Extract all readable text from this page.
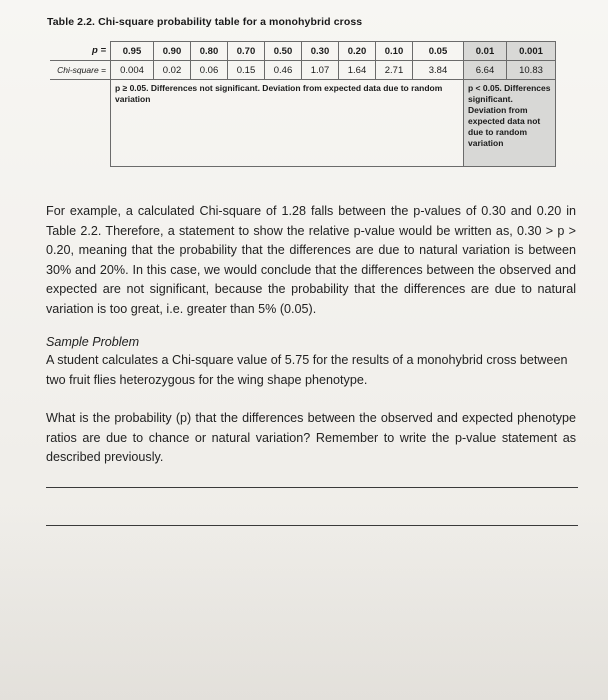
Table 2.2. Chi-square probability table for a monohybrid cross
p =	0.95	0.90	0.80	0.70	0.50	0.30	0.20	0.10	0.05	0.01	0.001
Chi-square =	0.004	0.02	0.06	0.15	0.46	1.07	1.64	2.71	3.84	6.64	10.83
	p ≥ 0.05. Differences not significant. Deviation from expected data due to random variation									p < 0.05. Differences significant. Deviation from expected data not due to random variation	
For example, a calculated Chi-square of 1.28 falls between the p-values of 0.30 and 0.20 in Table 2.2. Therefore, a statement to show the relative p-value would be written as, 0.30 > p > 0.20, meaning that the probability that the differences are due to natural variation is between 30% and 20%. In this case, we would conclude that the differences between the observed and expected are not significant, because the probability that the differences are due to natural variation is too great, i.e. greater than 5% (0.05).
Sample Problem
A student calculates a Chi-square value of 5.75 for the results of a monohybrid cross between two fruit flies heterozygous for the wing shape phenotype.
What is the probability (p) that the differences between the observed and expected phenotype ratios are due to chance or natural variation? Remember to write the p-value statement as described previously.
